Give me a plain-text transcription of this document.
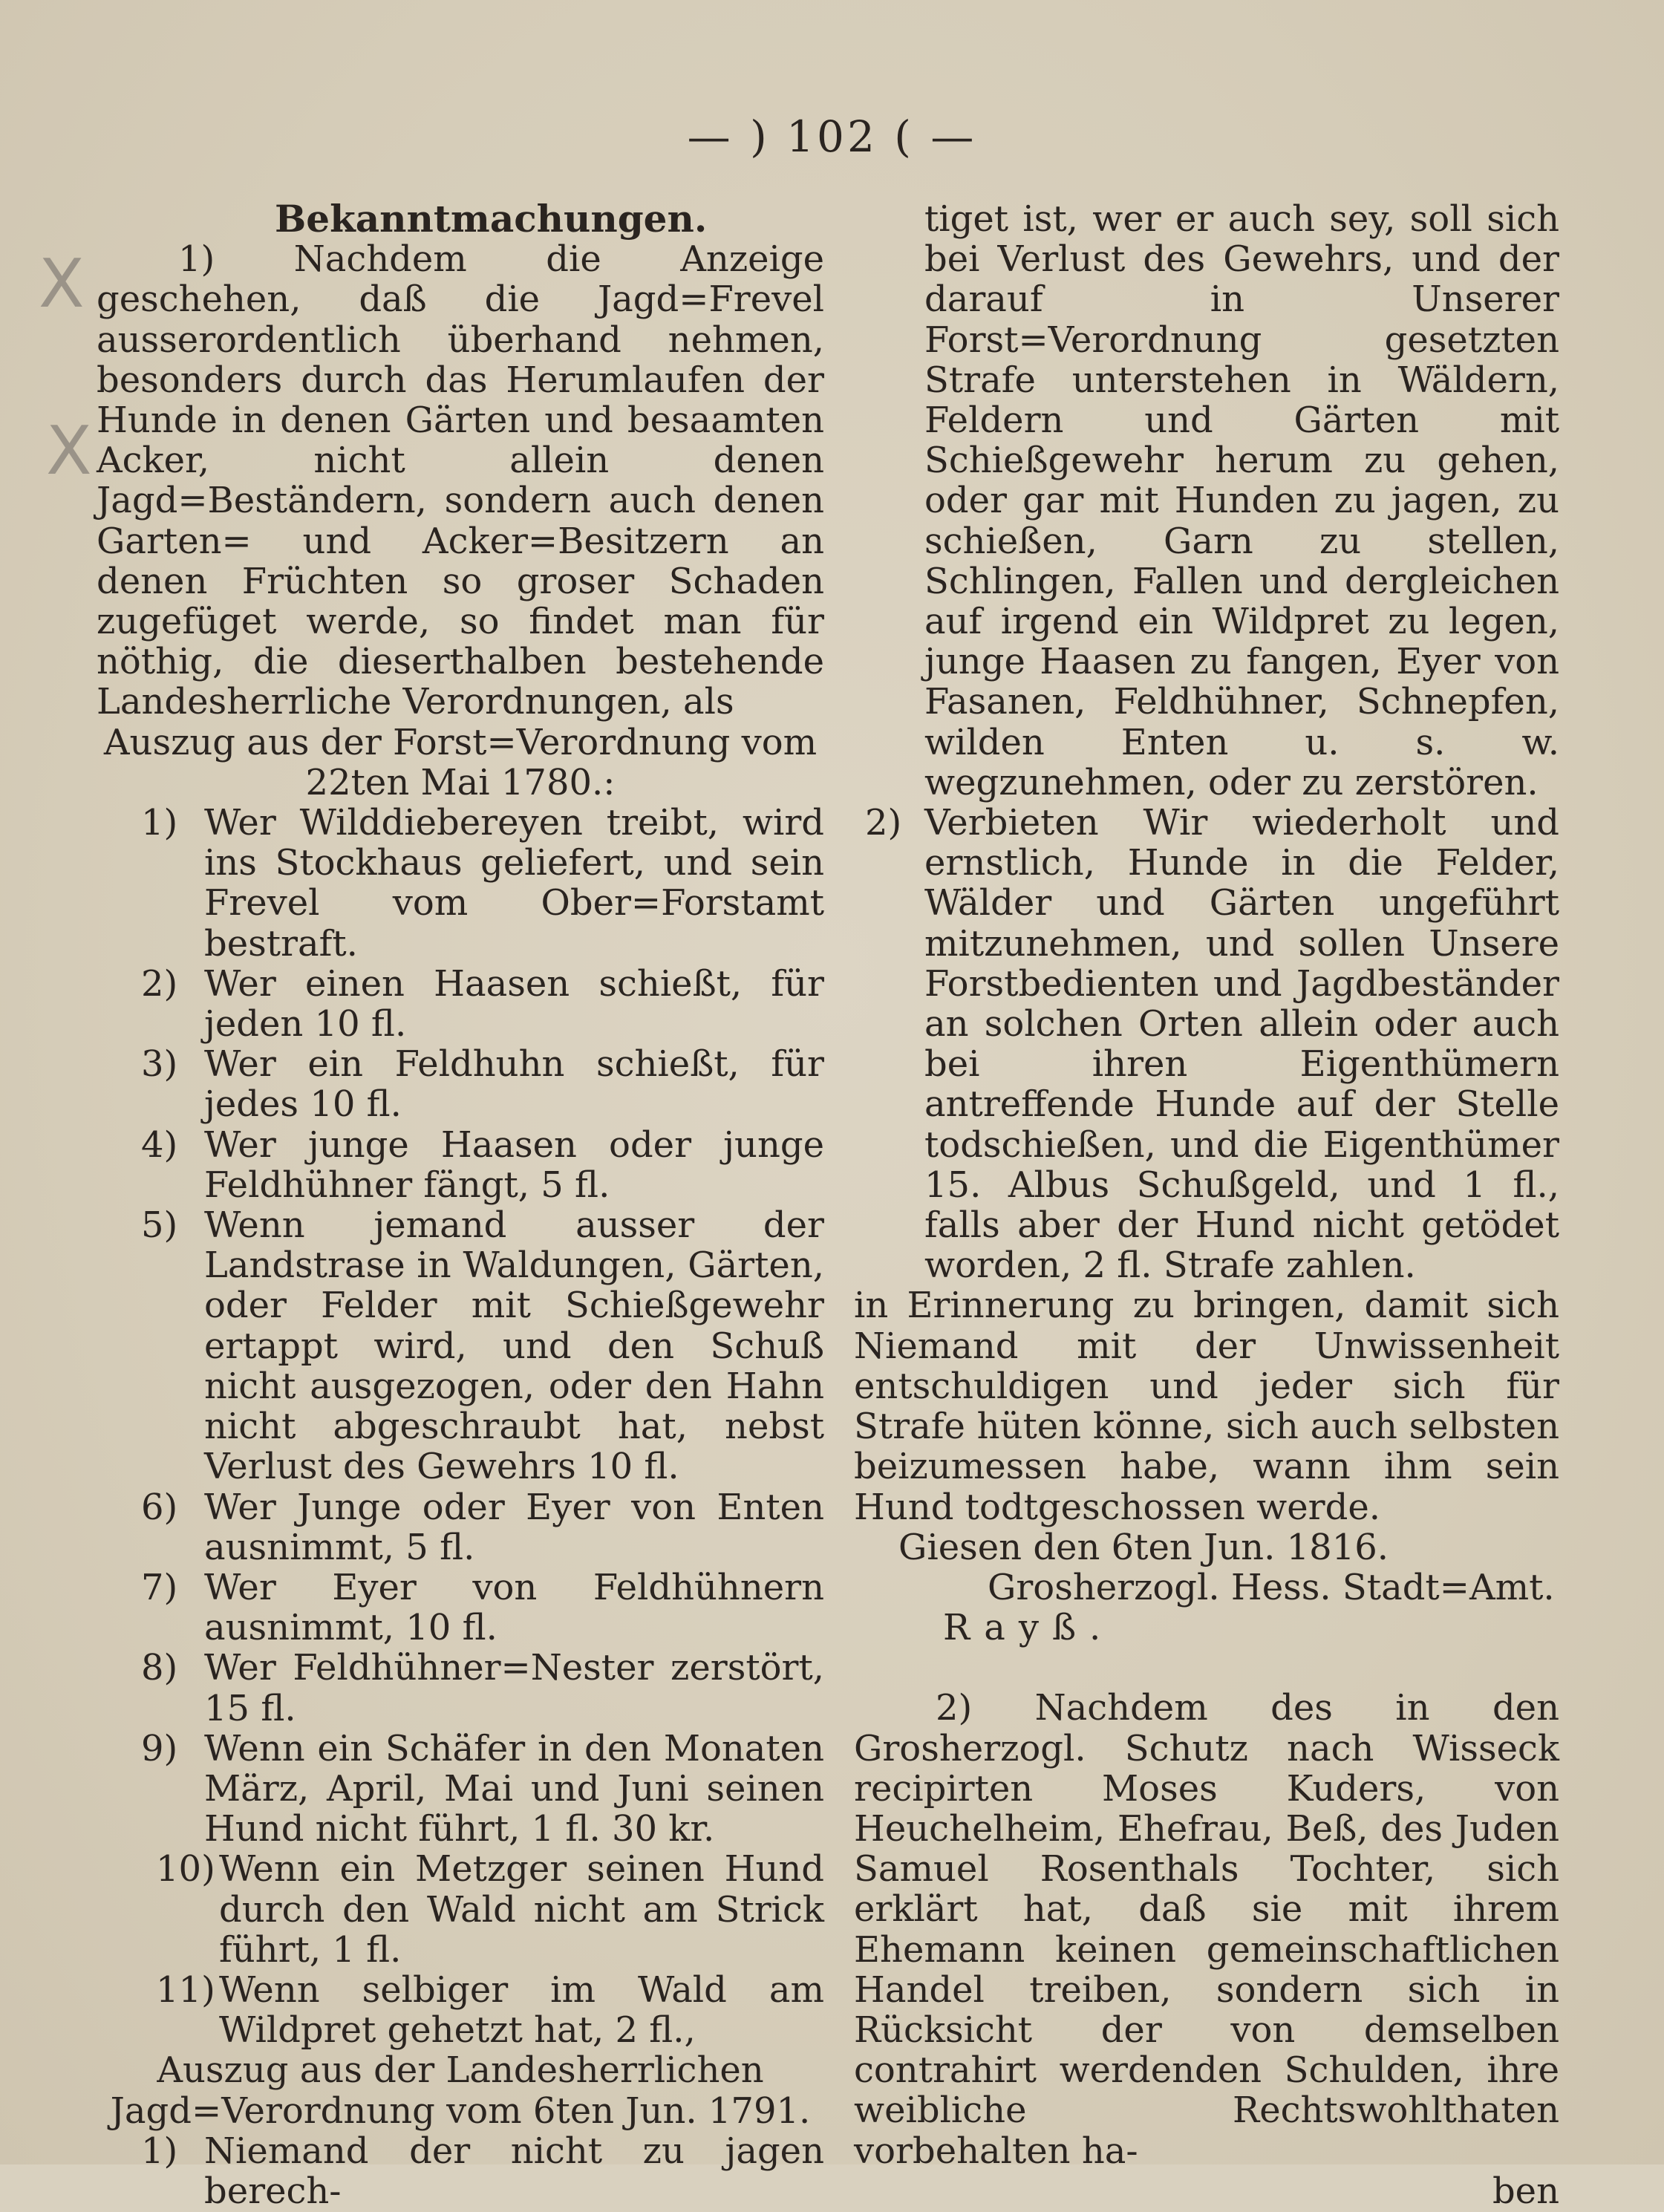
— ) 102 ( —
X
X

Bekanntmachungen.

1) Nachdem die Anzeige geschehen, daß die Jagd=Frevel ausserordentlich überhand nehmen, besonders durch das Herumlaufen der Hunde in denen Gärten und besaamten Acker, nicht allein denen Jagd=Beständern, sondern auch denen Garten= und Acker=Besitzern an denen Früchten so groser Schaden zugefüget werde, so findet man für nöthig, die dieserthalben bestehende Landesherrliche Verordnungen, als

Auszug aus der Forst=Verordnung vom 22ten Mai 1780.:

1) Wer Wilddiebereyen treibt, wird ins Stockhaus geliefert, und sein Frevel vom Ober=Forstamt bestraft.
2) Wer einen Haasen schießt, für jeden 10 fl.
3) Wer ein Feldhuhn schießt, für jedes 10 fl.
4) Wer junge Haasen oder junge Feldhühner fängt, 5 fl.
5) Wenn jemand ausser der Landstrase in Waldungen, Gärten, oder Felder mit Schießgewehr ertappt wird, und den Schuß nicht ausgezogen, oder den Hahn nicht abgeschraubt hat, nebst Verlust des Gewehrs 10 fl.
6) Wer Junge oder Eyer von Enten ausnimmt, 5 fl.
7) Wer Eyer von Feldhühnern ausnimmt, 10 fl.
8) Wer Feldhühner=Nester zerstört, 15 fl.
9) Wenn ein Schäfer in den Monaten März, April, Mai und Juni seinen Hund nicht führt, 1 fl. 30 kr.
10) Wenn ein Metzger seinen Hund durch den Wald nicht am Strick führt, 1 fl.
11) Wenn selbiger im Wald am Wildpret gehetzt hat, 2 fl.,

Auszug aus der Landesherrlichen Jagd=Verordnung vom 6ten Jun. 1791.

1) Niemand der nicht zu jagen berech-
tiget ist, wer er auch sey, soll sich bei Verlust des Gewehrs, und der darauf in Unserer Forst=Verordnung gesetzten Strafe unterstehen in Wäldern, Feldern und Gärten mit Schießgewehr herum zu gehen, oder gar mit Hunden zu jagen, zu schießen, Garn zu stellen, Schlingen, Fallen und dergleichen auf irgend ein Wildpret zu legen, junge Haasen zu fangen, Eyer von Fasanen, Feldhühner, Schnepfen, wilden Enten u. s. w. wegzunehmen, oder zu zerstören.
2) Verbieten Wir wiederholt und ernstlich, Hunde in die Felder, Wälder und Gärten ungeführt mitzunehmen, und sollen Unsere Forstbedienten und Jagdbeständer an solchen Orten allein oder auch bei ihren Eigenthümern antreffende Hunde auf der Stelle todschießen, und die Eigenthümer 15. Albus Schußgeld, und 1 fl., falls aber der Hund nicht getödet worden, 2 fl. Strafe zahlen.

in Erinnerung zu bringen, damit sich Niemand mit der Unwissenheit entschuldigen und jeder sich für Strafe hüten könne, sich auch selbsten beizumessen habe, wann ihm sein Hund todtgeschossen werde.

Giesen den 6ten Jun. 1816.

Grosherzogl. Hess. Stadt=Amt.

Rayß.

2) Nachdem des in den Grosherzogl. Schutz nach Wisseck recipirten Moses Kuders, von Heuchelheim, Ehefrau, Beß, des Juden Samuel Rosenthals Tochter, sich erklärt hat, daß sie mit ihrem Ehemann keinen gemeinschaftlichen Handel treiben, sondern sich in Rücksicht der von demselben contrahirt werdenden Schulden, ihre weibliche Rechtswohlthaten vorbehalten ha-

ben
